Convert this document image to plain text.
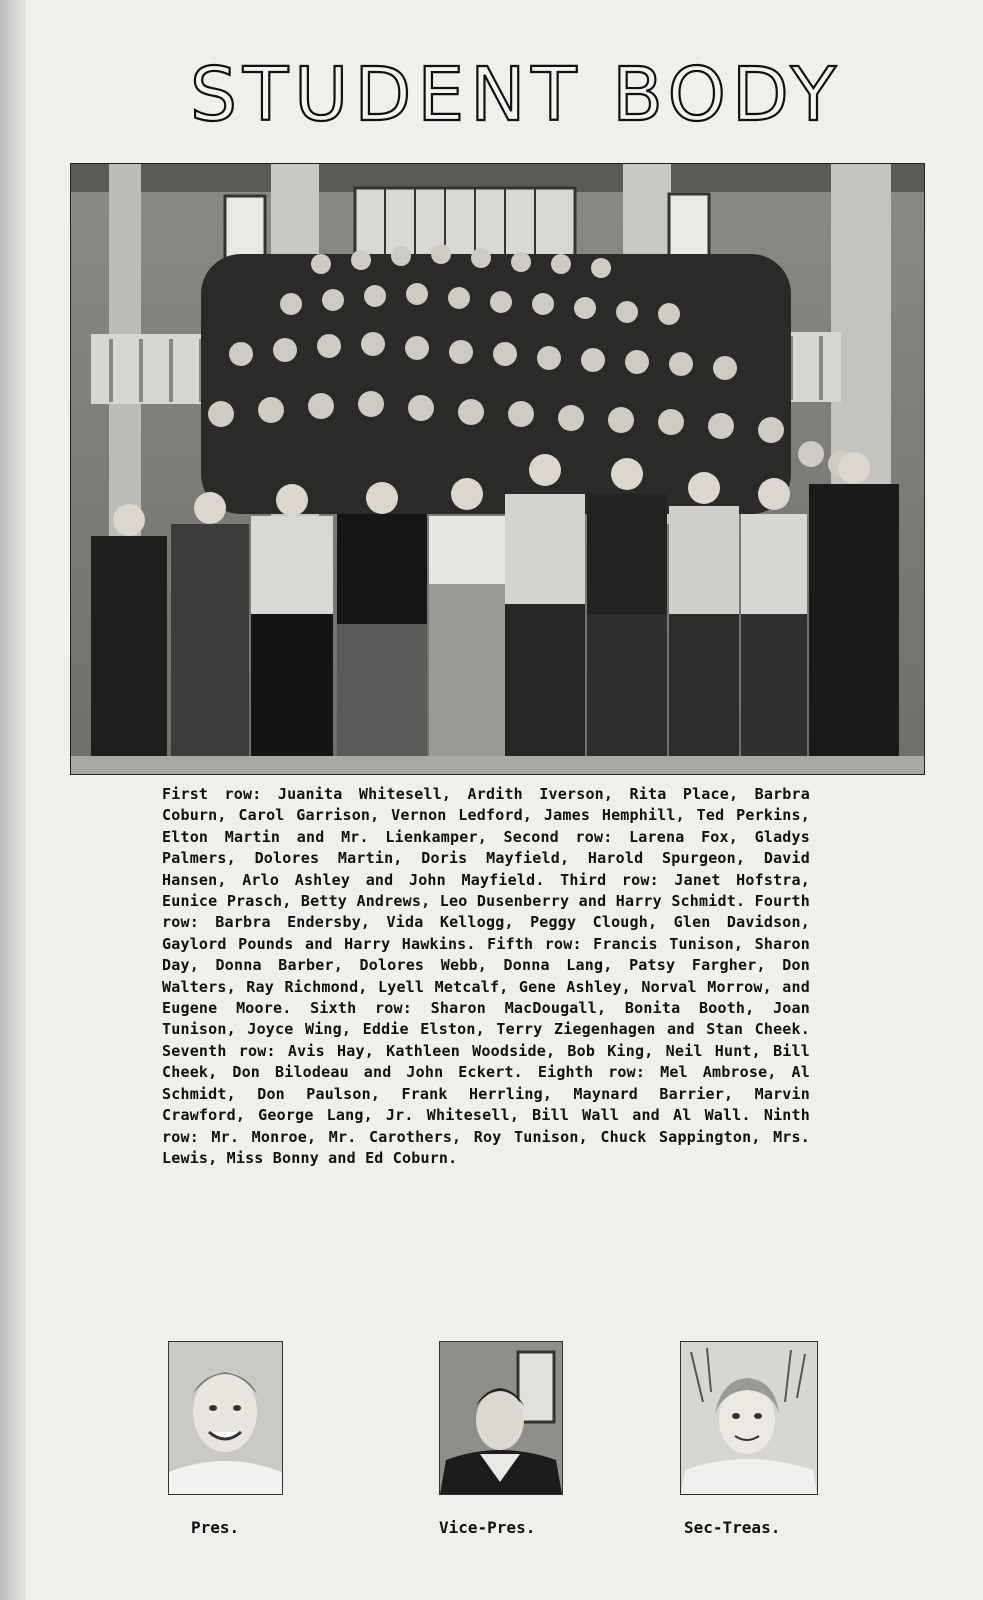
STUDENT BODY
First row: Juanita Whitesell, Ardith Iverson, Rita Place, Barbra Coburn, Carol Garrison, Vernon Ledford, James Hemphill, Ted Perkins, Elton Martin and Mr. Lienkamper, Second row: Larena Fox, Gladys Palmers, Dolores Martin, Doris Mayfield, Harold Spurgeon, David Hansen, Arlo Ashley and John Mayfield. Third row: Janet Hofstra, Eunice Prasch, Betty Andrews, Leo Dusenberry and Harry Schmidt. Fourth row: Barbra Endersby, Vida Kellogg, Peggy Clough, Glen Davidson, Gaylord Pounds and Harry Hawkins. Fifth row: Francis Tunison, Sharon Day, Donna Barber, Dolores Webb, Donna Lang, Patsy Fargher, Don Walters, Ray Richmond, Lyell Metcalf, Gene Ashley, Norval Morrow, and Eugene Moore. Sixth row: Sharon MacDougall, Bonita Booth, Joan Tunison, Joyce Wing, Eddie Elston, Terry Ziegenhagen and Stan Cheek. Seventh row: Avis Hay, Kathleen Woodside, Bob King, Neil Hunt, Bill Cheek, Don Bilodeau and John Eckert. Eighth row: Mel Ambrose, Al Schmidt, Don Paulson, Frank Herrling, Maynard Barrier, Marvin Crawford, George Lang, Jr. Whitesell, Bill Wall and Al Wall. Ninth row: Mr. Monroe, Mr. Carothers, Roy Tunison, Chuck Sappington, Mrs. Lewis, Miss Bonny and Ed Coburn.
Pres.	Vice-Pres.	Sec-Treas.
